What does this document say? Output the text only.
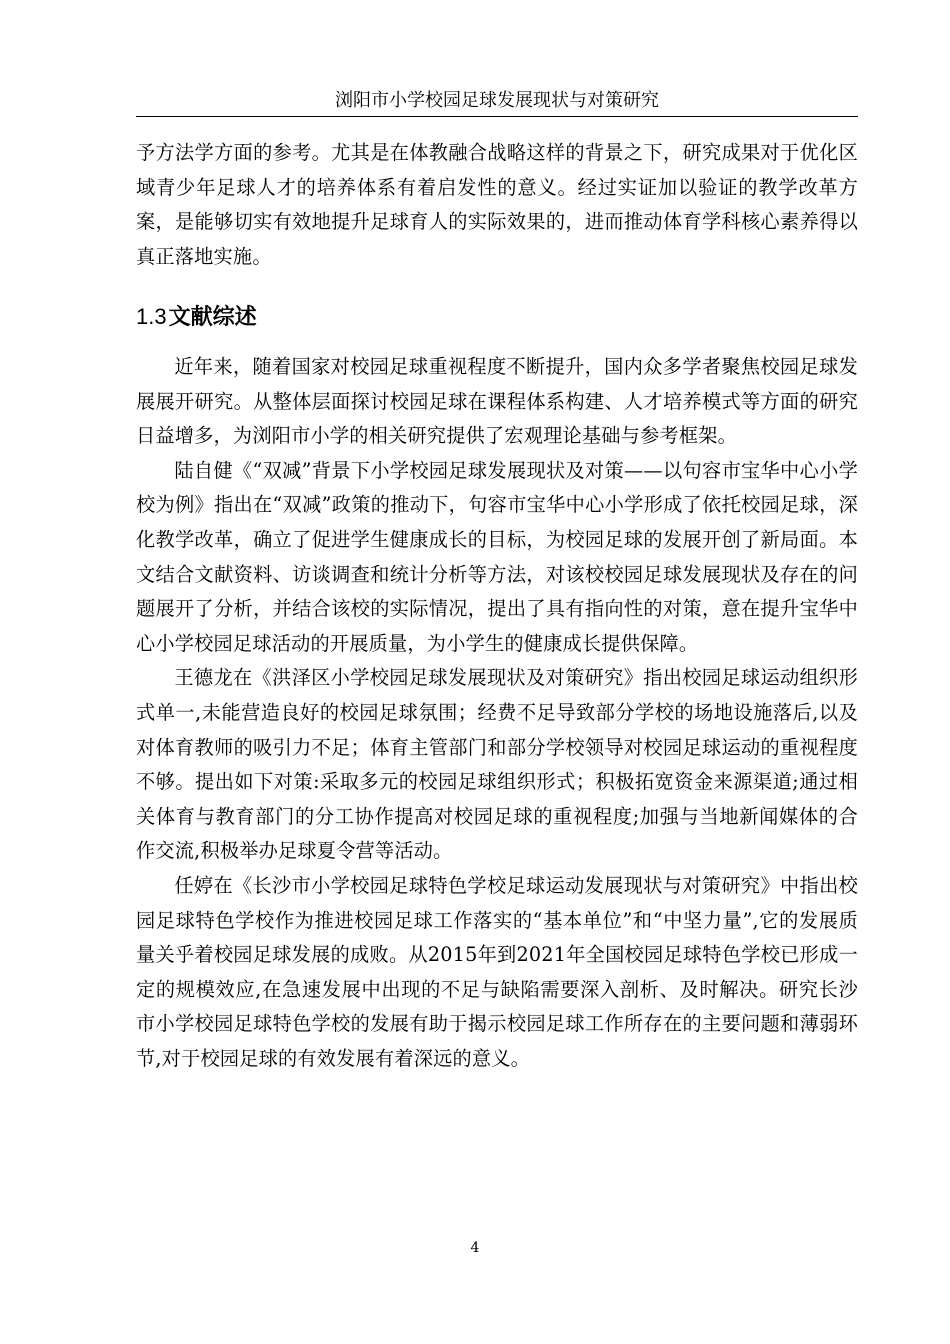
浏阳市小学校园足球发展现状与对策研究

予方法学方面的参考。尤其是在体教融合战略这样的背景之下，研究成果对于优化区域青少年足球人才的培养体系有着启发性的意义。经过实证加以验证的教学改革方案，是能够切实有效地提升足球育人的实际效果的，进而推动体育学科核心素养得以真正落地实施。

1.3文献综述

近年来，随着国家对校园足球重视程度不断提升，国内众多学者聚焦校园足球发展展开研究。从整体层面探讨校园足球在课程体系构建、人才培养模式等方面的研究日益增多，为浏阳市小学的相关研究提供了宏观理论基础与参考框架。

陆自健《“双减”背景下小学校园足球发展现状及对策——以句容市宝华中心小学校为例》指出在“双减”政策的推动下，句容市宝华中心小学形成了依托校园足球，深化教学改革，确立了促进学生健康成长的目标，为校园足球的发展开创了新局面。本文结合文献资料、访谈调查和统计分析等方法，对该校校园足球发展现状及存在的问题展开了分析，并结合该校的实际情况，提出了具有指向性的对策，意在提升宝华中心小学校园足球活动的开展质量，为小学生的健康成长提供保障。

王德龙在《洪泽区小学校园足球发展现状及对策研究》指出校园足球运动组织形式单一,未能营造良好的校园足球氛围；经费不足导致部分学校的场地设施落后,以及对体育教师的吸引力不足；体育主管部门和部分学校领导对校园足球运动的重视程度不够。提出如下对策:采取多元的校园足球组织形式；积极拓宽资金来源渠道;通过相关体育与教育部门的分工协作提高对校园足球的重视程度;加强与当地新闻媒体的合作交流,积极举办足球夏令营等活动。

任婷在《长沙市小学校园足球特色学校足球运动发展现状与对策研究》中指出校园足球特色学校作为推进校园足球工作落实的“基本单位”和“中坚力量”,它的发展质量关乎着校园足球发展的成败。从2015年到2021年全国校园足球特色学校已形成一定的规模效应,在急速发展中出现的不足与缺陷需要深入剖析、及时解决。研究长沙市小学校园足球特色学校的发展有助于揭示校园足球工作所存在的主要问题和薄弱环节,对于校园足球的有效发展有着深远的意义。

4
